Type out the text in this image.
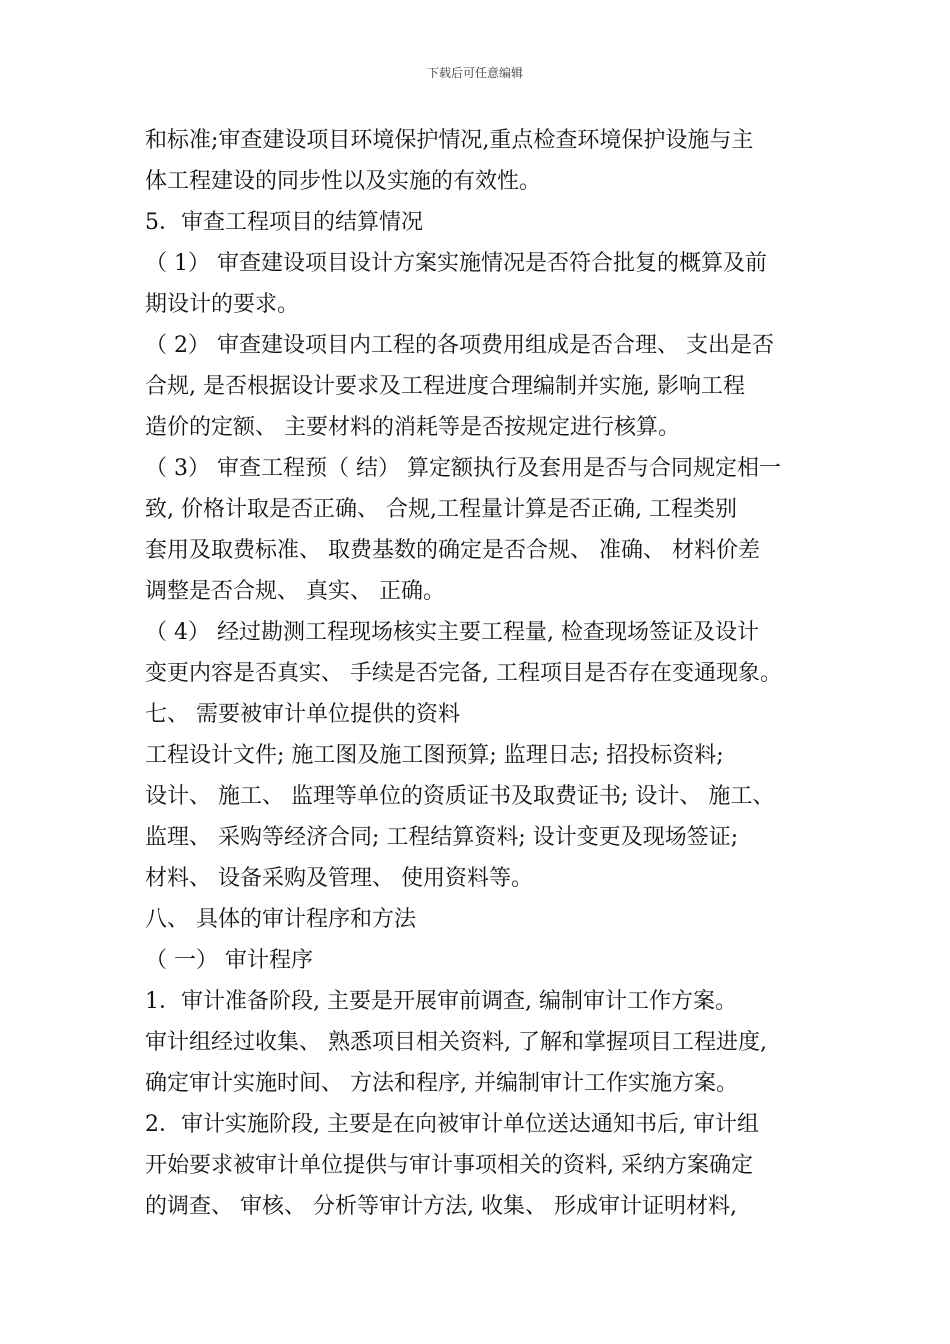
下载后可任意编辑
和标准;审查建设项目环境保护情况,重点检查环境保护设施与主
体工程建设的同步性以及实施的有效性。
5．审查工程项目的结算情况
（ 1） 审查建设项目设计方案实施情况是否符合批复的概算及前
期设计的要求。
（ 2） 审查建设项目内工程的各项费用组成是否合理、 支出是否
合规, 是否根据设计要求及工程进度合理编制并实施, 影响工程
造价的定额、 主要材料的消耗等是否按规定进行核算。
（ 3） 审查工程预（ 结） 算定额执行及套用是否与合同规定相一
致, 价格计取是否正确、 合规,工程量计算是否正确, 工程类别
套用及取费标准、 取费基数的确定是否合规、 准确、 材料价差
调整是否合规、 真实、 正确。
（ 4） 经过勘测工程现场核实主要工程量, 检查现场签证及设计
变更内容是否真实、 手续是否完备, 工程项目是否存在变通现象。
七、 需要被审计单位提供的资料
工程设计文件; 施工图及施工图预算; 监理日志; 招投标资料;
设计、 施工、 监理等单位的资质证书及取费证书; 设计、 施工、
监理、 采购等经济合同; 工程结算资料; 设计变更及现场签证;
材料、 设备采购及管理、 使用资料等。
八、 具体的审计程序和方法
（ 一） 审计程序
1．审计准备阶段, 主要是开展审前调查, 编制审计工作方案。
审计组经过收集、 熟悉项目相关资料, 了解和掌握项目工程进度,
确定审计实施时间、 方法和程序, 并编制审计工作实施方案。
2．审计实施阶段, 主要是在向被审计单位送达通知书后, 审计组
开始要求被审计单位提供与审计事项相关的资料, 采纳方案确定
的调查、 审核、 分析等审计方法, 收集、 形成审计证明材料,
